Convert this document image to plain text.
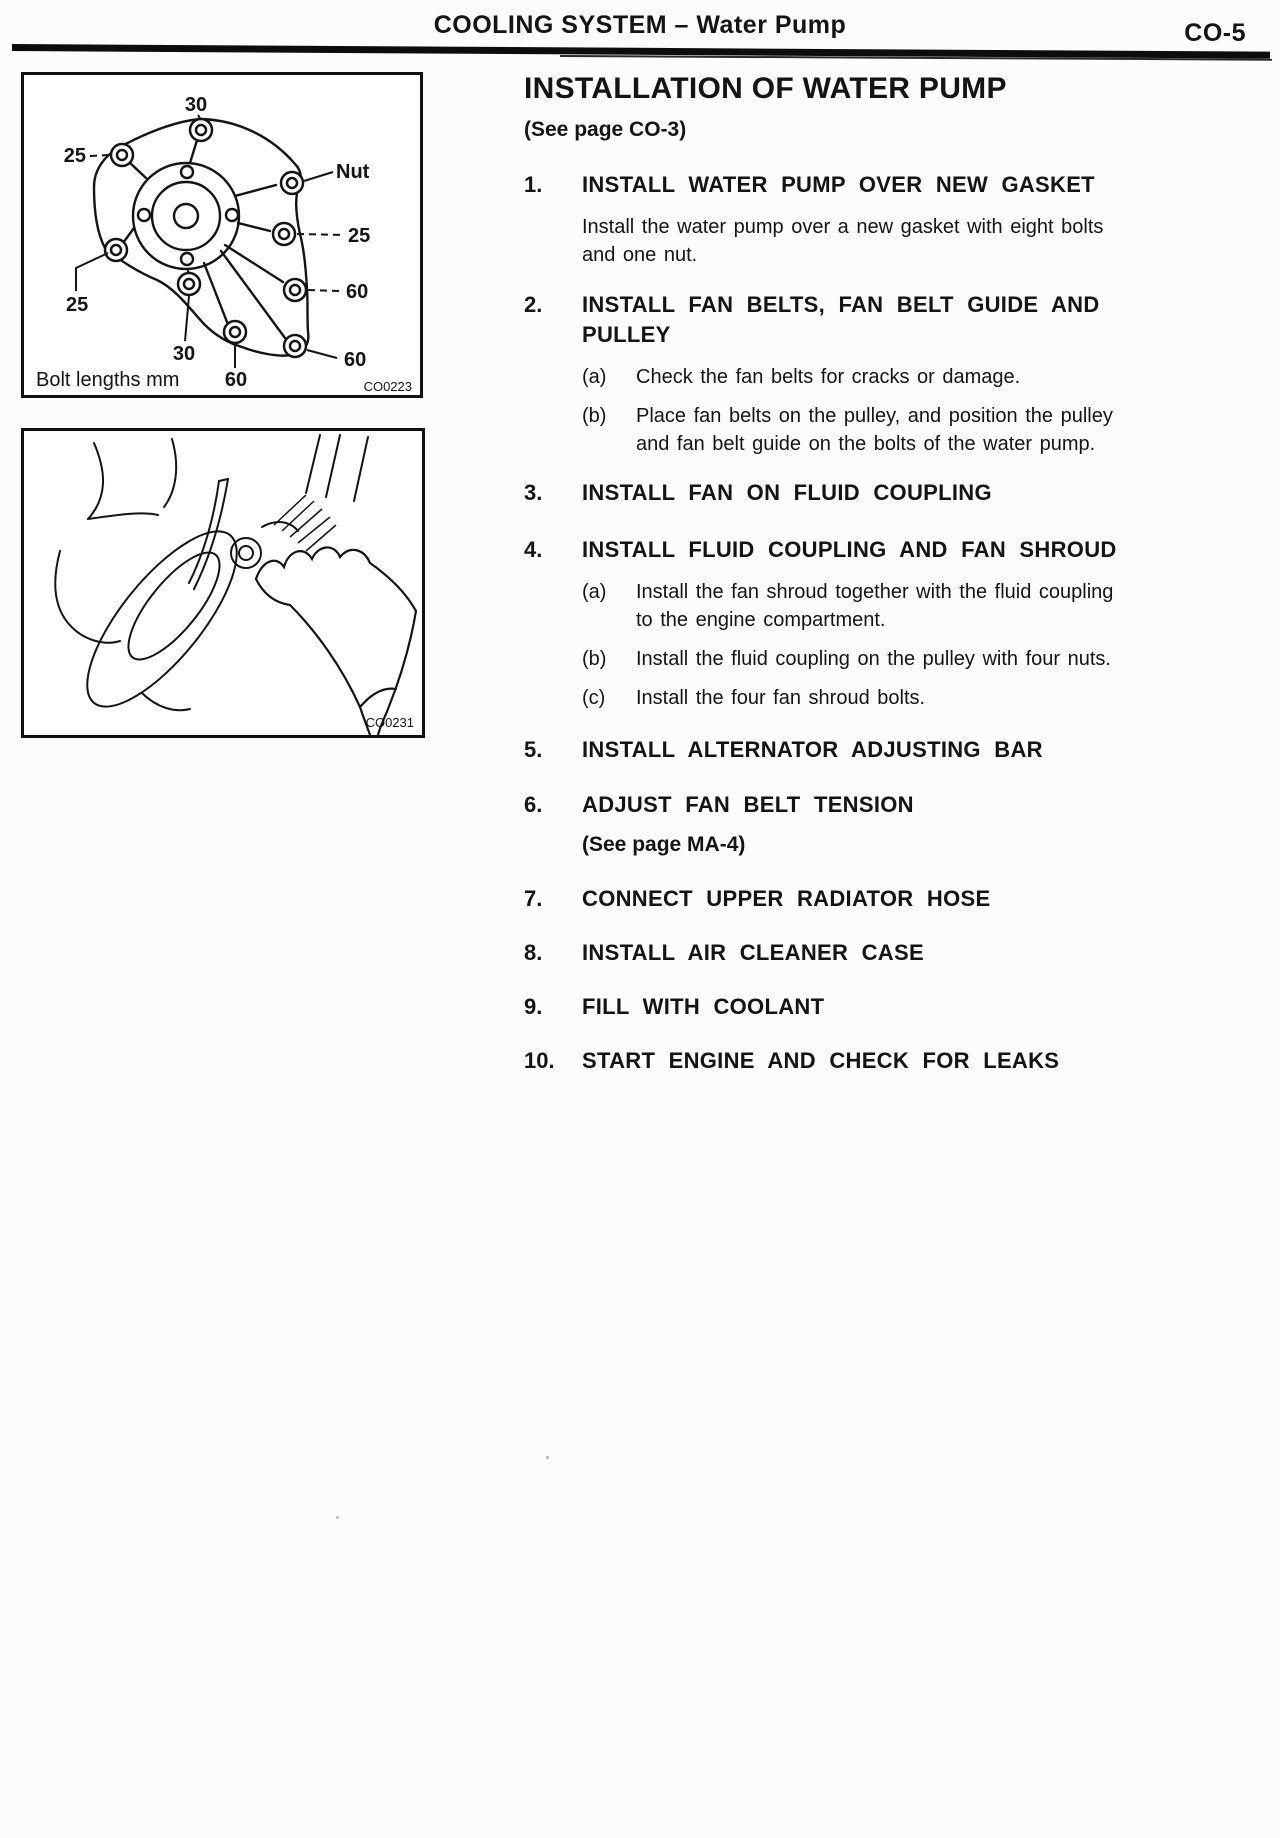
COOLING SYSTEM – Water Pump	CO-5
30
25
Nut
25
60
25
30
60
60
Bolt lengths mm	CO0223
CO0231
INSTALLATION OF WATER PUMP
(See page CO-3)
1.	INSTALL WATER PUMP OVER NEW GASKET
Install the water pump over a new gasket with eight bolts
and one nut.
2.	INSTALL FAN BELTS, FAN BELT GUIDE AND
PULLEY
(a)	Check the fan belts for cracks or damage.
(b)	Place fan belts on the pulley, and position the pulley
and fan belt guide on the bolts of the water pump.
3.	INSTALL FAN ON FLUID COUPLING
4.	INSTALL FLUID COUPLING AND FAN SHROUD
(a)	Install the fan shroud together with the fluid coupling
to the engine compartment.
(b)	Install the fluid coupling on the pulley with four nuts.
(c)	Install the four fan shroud bolts.
5.	INSTALL ALTERNATOR ADJUSTING BAR
6.	ADJUST FAN BELT TENSION
(See page MA-4)
7.	CONNECT UPPER RADIATOR HOSE
8.	INSTALL AIR CLEANER CASE
9.	FILL WITH COOLANT
10.	START ENGINE AND CHECK FOR LEAKS
